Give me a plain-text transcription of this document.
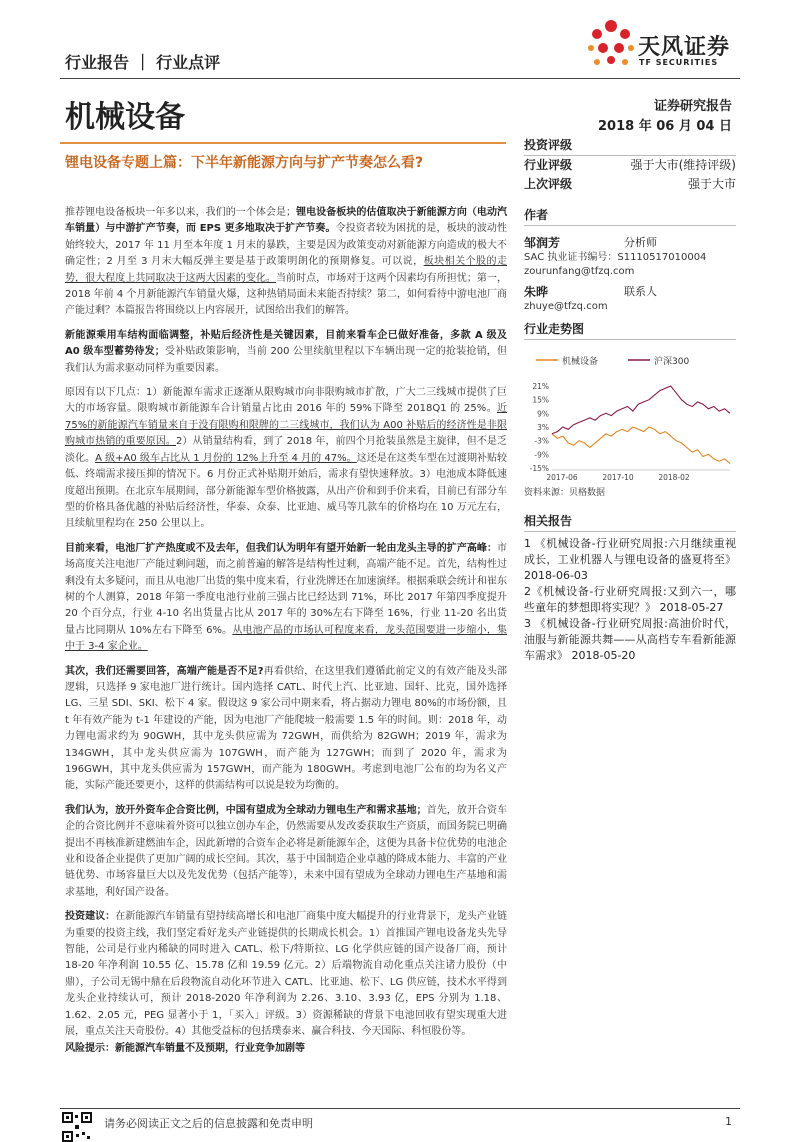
行业报告 ｜ 行业点评
天风证券
TF SECURITIES
机械设备	证券研究报告
2018 年 06 月 04 日
锂电设备专题上篇：下半年新能源方向与扩产节奏怎么看?

推荐锂电设备板块一年多以来，我们的一个体会是；锂电设备板块的估值取决于新能源方向（电动汽车销量）与中游扩产节奏，而 EPS 更多地取决于扩产节奏。令投资者较为困扰的是，板块的波动性始终较大，2017 年 11 月至本年度 1 月末的暴跌，主要是因为政策变动对新能源方向造成的极大不确定性；2 月至 3 月末大幅反弹主要是基于政策明朗化的预期修复。可以说，板块相关个股的走势，很大程度上共同取决于这两大因素的变化。当前时点，市场对于这两个因素均有所担忧；第一，2018 年前 4 个月新能源汽车销量火爆，这种热销局面未来能否持续？第二，如何看待中游电池厂商产能过剩？本篇报告将围绕以上内容展开，试图给出我们的解答。

新能源乘用车结构面临调整，补贴后经济性是关键因素，目前来看车企已做好准备，多款 A 级及 A0 级车型蓄势待发；受补贴政策影响，当前 200 公里续航里程以下车辆出现一定的抢装抢销，但我们认为需求驱动同样为重要因素。

原因有以下几点：1）新能源车需求正逐渐从限购城市向非限购城市扩散，广大二三线城市提供了巨大的市场容量。限购城市新能源车合计销量占比由 2016 年的 59%下降至 2018Q1 的 25%。近 75%的新能源汽车销量来自于没有限购和限牌的二三线城市，我们认为 A00 补贴后的经济性是非限购城市热销的重要原因。2）从销量结构看，到了 2018 年，前四个月抢装虽然是主旋律，但不是乏淡化。A 级+A0 级车占比从 1 月份的 12%上升至 4 月的 47%。这还是在这类车型在过渡期补贴较低、终端需求接压抑的情况下。6 月份正式补贴期开始后，需求有望快速释放。3）电池成本降低速度超出预期。在北京车展期间，部分新能源车型价格披露，从出产价和到手价来看，目前已有部分车型的价格具备优越的补贴后经济性，华泰、众泰、比亚迪、威马等几款车的价格均在 10 万元左右，且续航里程均在 250 公里以上。

目前来看，电池厂扩产热度或不及去年，但我们认为明年有望开始新一轮由龙头主导的扩产高峰：市场高度关注电池厂产能过剩问题，而之前普遍的解答是结构性过剩，高端产能不足。首先，结构性过剩没有太多疑问，而且从电池厂出货的集中度来看，行业洗牌还在加速演绎。根据乘联会统计和崔东树的个人测算，2018 年第一季度电池行业前三强占比已经达到 71%，环比 2017 年第四季度提升 20 个百分点，行业 4-10 名出货量占比从 2017 年的 30%左右下降至 16%，行业 11-20 名出货量占比同期从 10%左右下降至 6%。从电池产品的市场认可程度来看，龙头范围要进一步缩小，集中于 3-4 家企业。

其次，我们还需要回答，高端产能是否不足?再看供给，在这里我们遵循此前定义的有效产能及头部逻辑，只选择 9 家电池厂进行统计。国内选择 CATL、时代上汽、比亚迪、国轩、比克，国外选择 LG、三星 SDI、SKI、松下 4 家。假设这 9 家公司中期来看，将占据动力锂电 80%的市场份额，且 t 年有效产能为 t-1 年建设的产能，因为电池厂产能爬坡一般需要 1.5 年的时间。则：2018 年，动力锂电需求约为 90GWH，其中龙头供应需为 72GWH，而供给为 82GWH；2019 年，需求为 134GWH，其中龙头供应需为 107GWH，而产能为 127GWH；而到了 2020 年，需求为 196GWH，其中龙头供应需为 157GWH，而产能为 180GWH。考虑到电池厂公布的均为名义产能，实际产能还要更小，这样的供需结构可以说是较为均衡的。

我们认为，放开外资车企合资比例，中国有望成为全球动力锂电生产和需求基地；首先，放开合资车企的合资比例并不意味着外资可以独立创办车企，仍然需要从发改委获取生产资质，而国务院已明确提出不再核准新建燃油车企，因此新增的合资车企必将是新能源车企，这便为具备卡位优势的电池企业和设备企业提供了更加广阔的成长空间。其次，基于中国制造企业卓越的降成本能力、丰富的产业链优势、市场容量巨大以及先发优势（包括产能等），未来中国有望成为全球动力锂电生产基地和需求基地，利好国产设备。

投资建议：在新能源汽车销量有望持续高增长和电池厂商集中度大幅提升的行业背景下，龙头产业链为重要的投资主线，我们坚定看好龙头产业链提供的长期成长机会。1）首推国产锂电设备龙头先导智能，公司是行业内稀缺的同时进入 CATL、松下/特斯拉、LG 化学供应链的国产设备厂商，预计 18-20 年净利润 10.55 亿、15.78 亿和 19.59 亿元。2）后端物流自动化重点关注诸力股份（中鼎），子公司无锡中鼎在后段物流自动化环节进入 CATL、比亚迪、松下、LG 供应链，技术水平得到龙头企业持续认可，预计 2018-2020 年净利润为 2.26、3.10、3.93 亿，EPS 分别为 1.18、1.62、2.05 元，PEG 显著小于 1，「买入」评级。3）资源稀缺的背景下电池回收有望实现重大进展，重点关注天奇股份。4）其他受益标的包括璞泰来、赢合科技、今天国际、科恒股份等。

风险提示：新能源汽车销量不及预期，行业竞争加剧等

投资评级
行业评级	强于大市(维持评级)
上次评级	强于大市
作者
邹润芳	分析师
SAC 执业证书编号：S1110517010004
zourunfang@tfzq.com
朱晔	联系人
zhuye@tfzq.com
行业走势图
机械设备	沪深300
21%
15%
9%
3%
-3%
-9%
-15%
2017-06	2017-10	2018-02
资料来源：贝格数据
相关报告
1 《机械设备-行业研究周报:六月继续重视成长，工业机器人与锂电设备的盛夏将至》 2018-06-03
2《机械设备-行业研究周报:又到六一，哪些童年的梦想即将实现？》 2018-05-27
3 《机械设备-行业研究周报:高油价时代，油服与新能源共舞——从高档专车看新能源车需求》 2018-05-20
请务必阅读正文之后的信息披露和免责申明	1
